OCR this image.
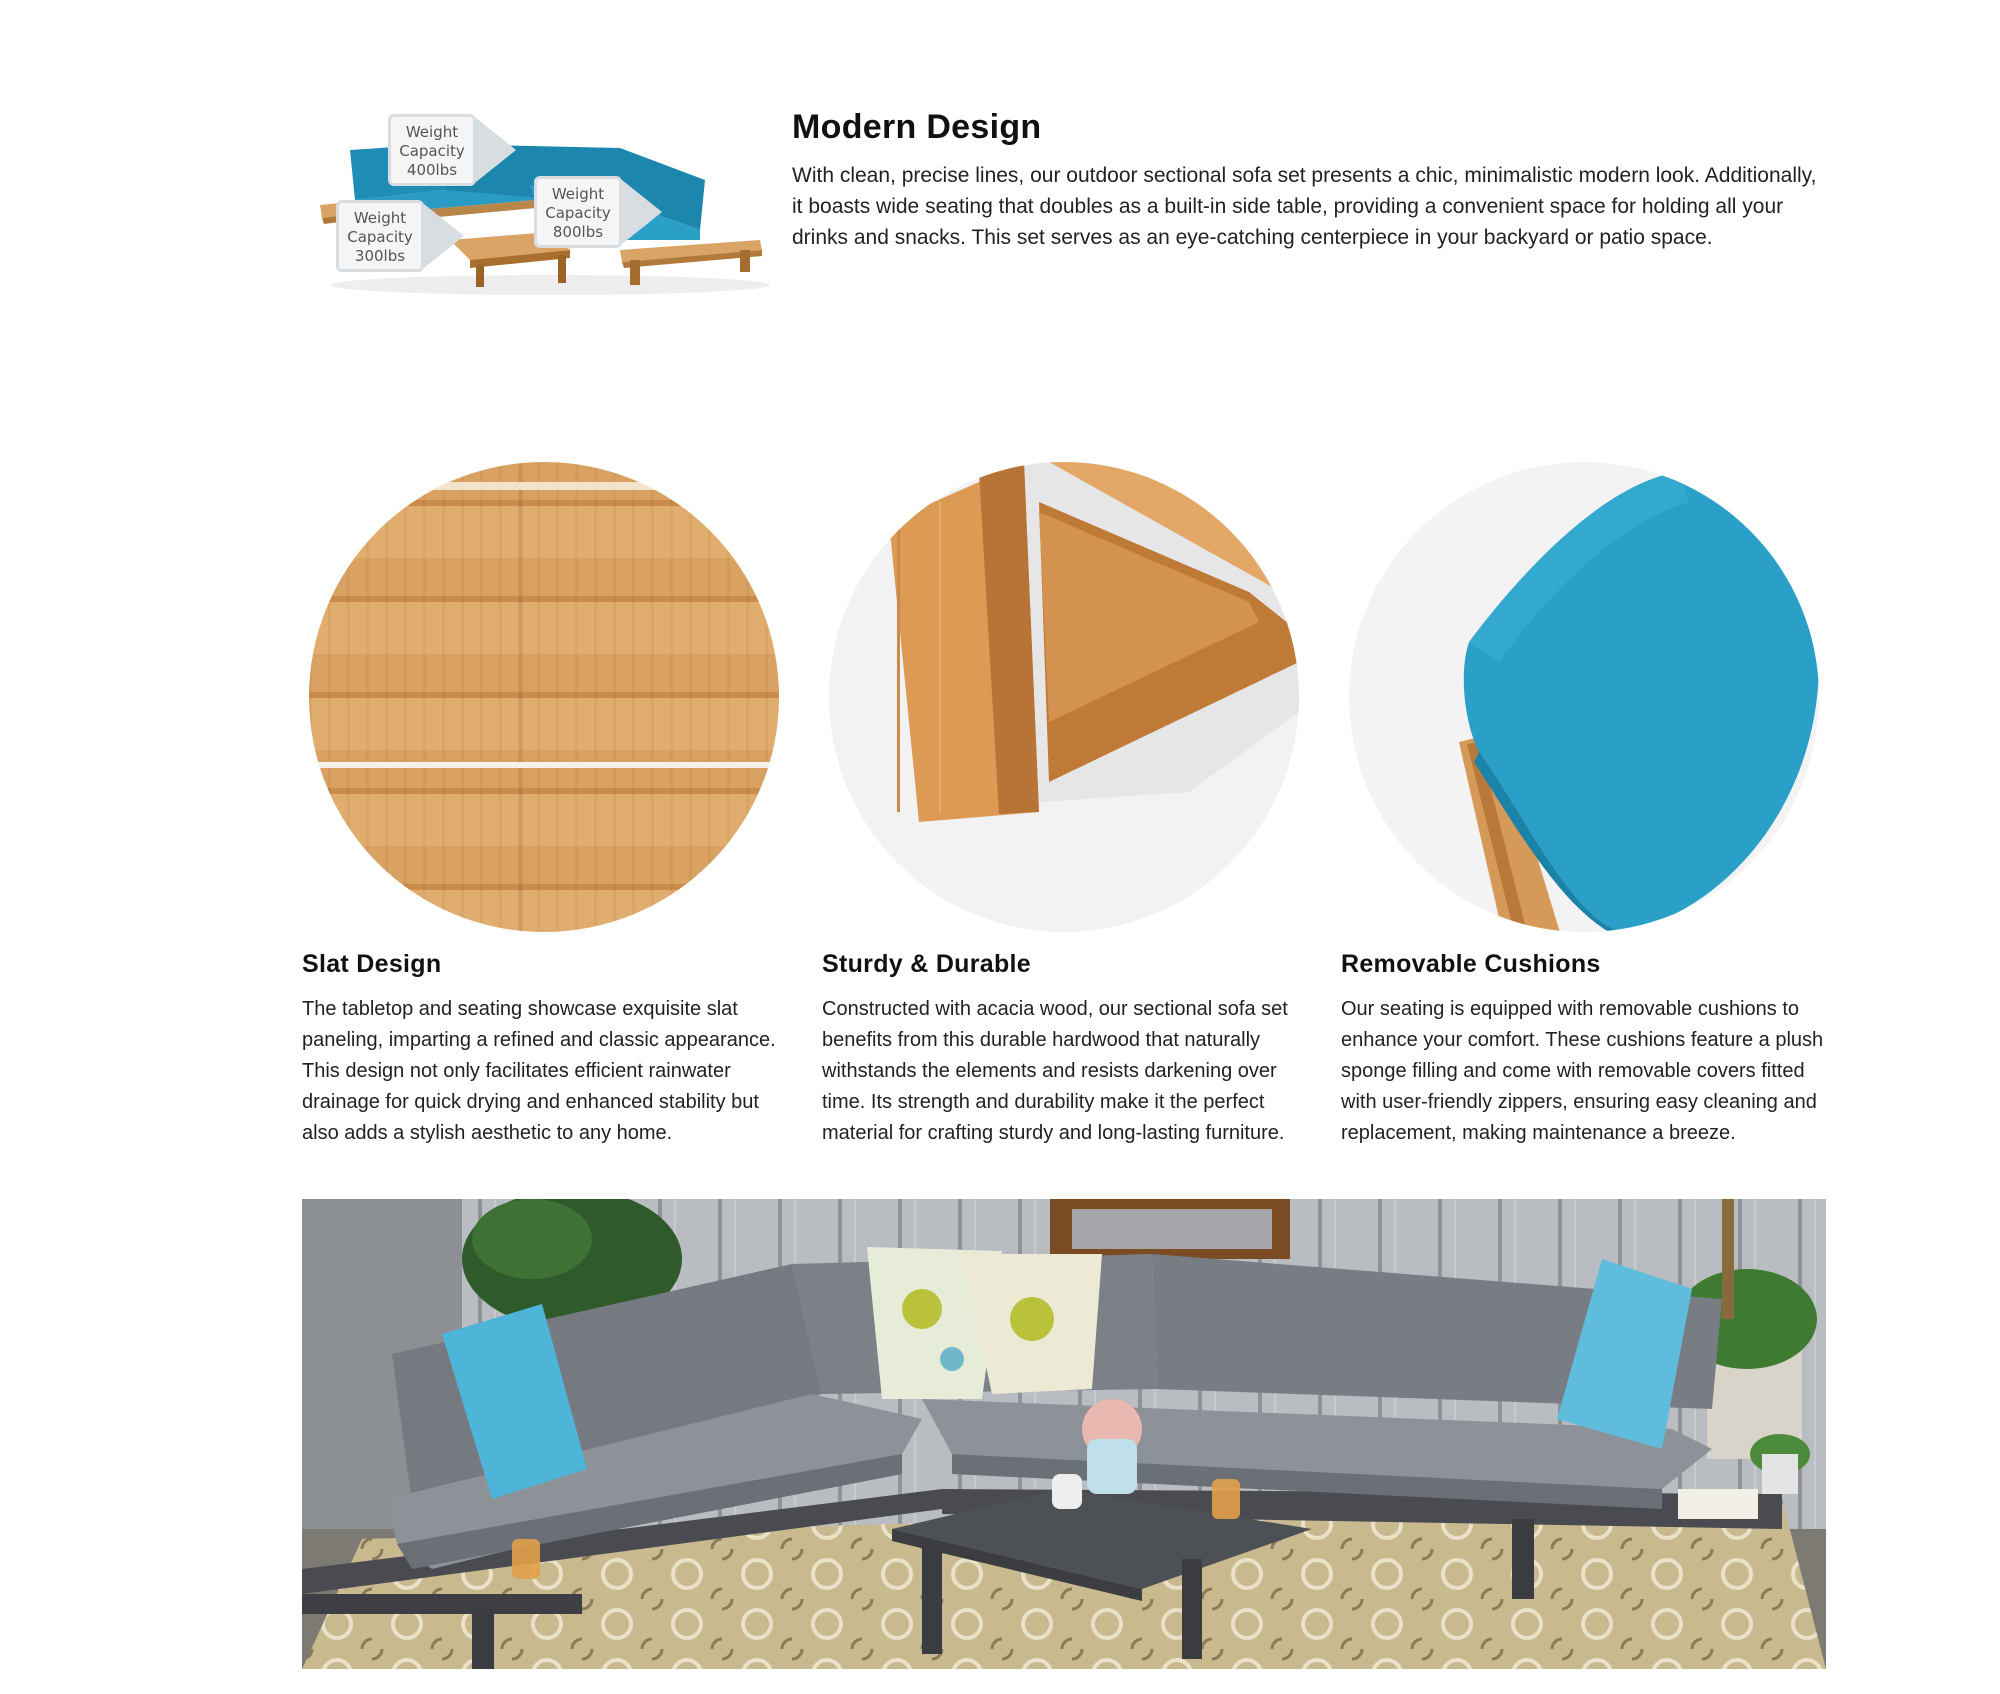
Weight
Capacity
400lbs
Weight
Capacity
300lbs
Weight
Capacity
800lbs
Modern Design
With clean, precise lines, our outdoor sectional sofa set presents a chic, minimalistic modern look. Additionally, it boasts wide seating that doubles as a built-in side table, providing a convenient space for holding all your drinks and snacks. This set serves as an eye-catching centerpiece in your backyard or patio space.
Slat Design
The tabletop and seating showcase exquisite slat paneling, imparting a refined and classic appearance. This design not only facilitates efficient rainwater drainage for quick drying and enhanced stability but also adds a stylish aesthetic to any home.
Sturdy & Durable
Constructed with acacia wood, our sectional sofa set benefits from this durable hardwood that naturally withstands the elements and resists darkening over time. Its strength and durability make it the perfect material for crafting sturdy and long-lasting furniture.
Removable Cushions
Our seating is equipped with removable cushions to enhance your comfort. These cushions feature a plush sponge filling and come with removable covers fitted with user-friendly zippers, ensuring easy cleaning and replacement, making maintenance a breeze.
